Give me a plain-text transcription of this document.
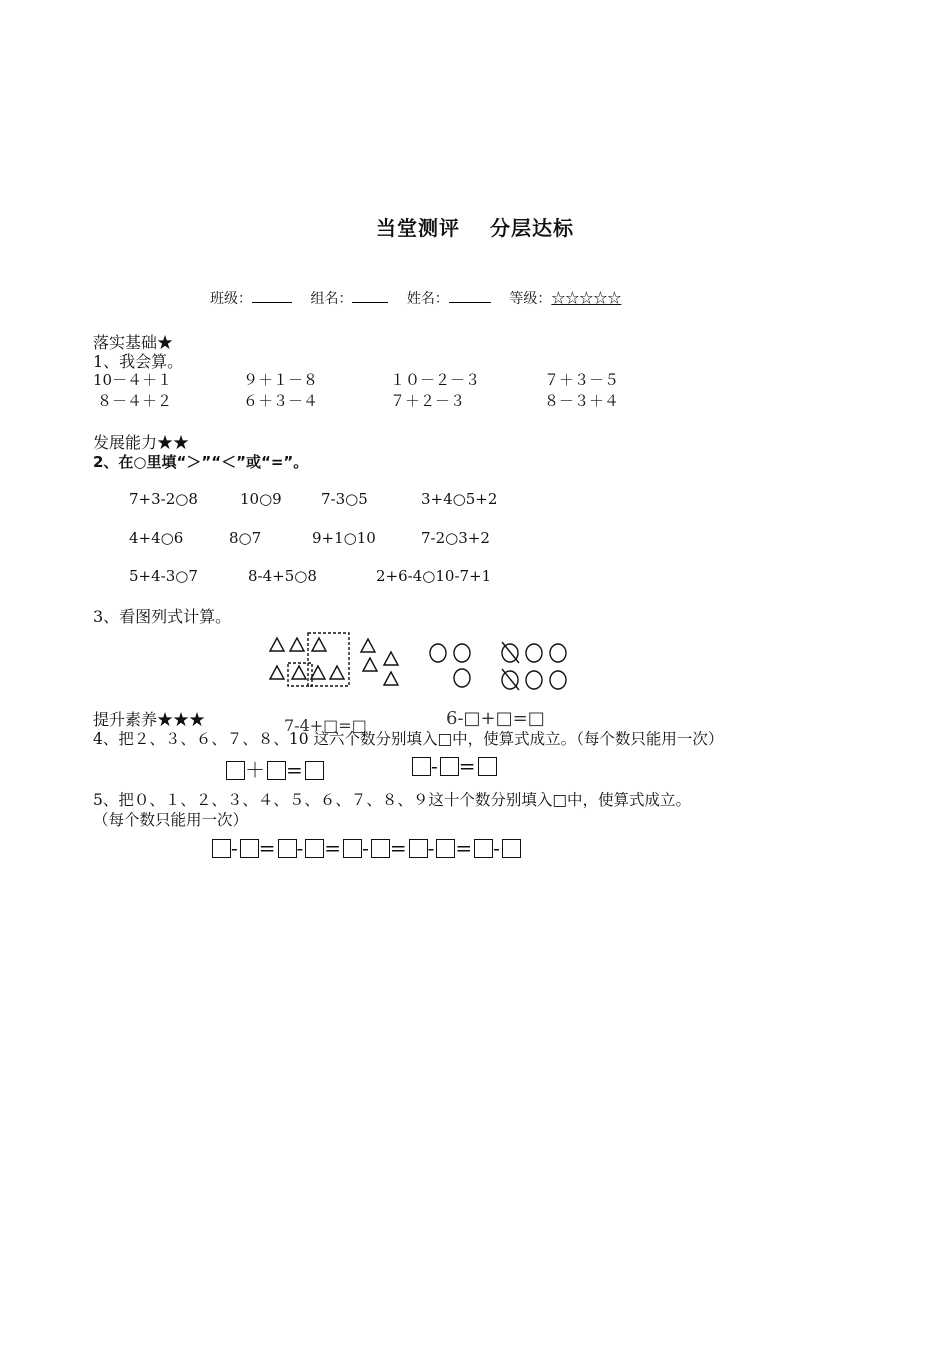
当堂测评 分层达标
班级：	组名：	姓名：	等级：☆☆☆☆☆
落实基础★
1、我会算。
10－４＋１	９＋１－８	１０－２－３	７＋３－５
８－４＋２	６＋３－４	７＋２－３	８－３＋４
发展能力★★
2、在○里填“＞”“＜”或“=”。
7+3-2○8	10○9	7-3○5	3+4○5+2
4+4○6	8○7	9+1○10	7-2○3+2
5+4-3○7	8-4+5○8	2+6-4○10-7+1
3、看图列式计算。
7-4+□=□	6-□+□=□
提升素养★★★
4、把２、３、６、７、８、10 这六个数分别填入□中，使算式成立。（每个数只能用一次）
＋ =	- =
5、把０、１、２、３、４、５、６、７、８、９这十个数分别填入□中，使算式成立。
（每个数只能用一次）
- = - = - = - = -
